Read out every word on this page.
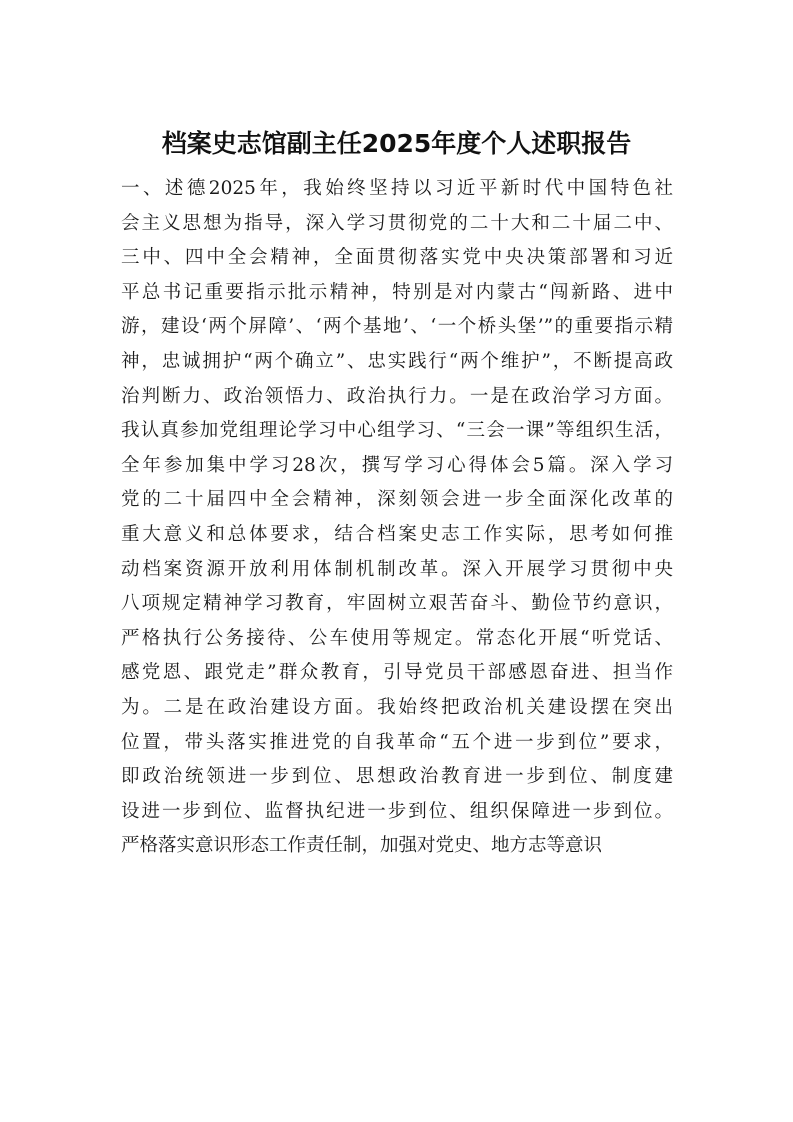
档案史志馆副主任2025年度个人述职报告
一、述德2025年，我始终坚持以习近平新时代中国特色社
会主义思想为指导，深入学习贯彻党的二十大和二十届二中、
三中、四中全会精神，全面贯彻落实党中央决策部署和习近
平总书记重要指示批示精神，特别是对内蒙古“闯新路、进中
游，建设‘两个屏障’、‘两个基地’、‘一个桥头堡’”的重要指示精
神，忠诚拥护“两个确立”、忠实践行“两个维护”，不断提高政
治判断力、政治领悟力、政治执行力。一是在政治学习方面。
我认真参加党组理论学习中心组学习、“三会一课”等组织生活，
全年参加集中学习28次，撰写学习心得体会5篇。深入学习
党的二十届四中全会精神，深刻领会进一步全面深化改革的
重大意义和总体要求，结合档案史志工作实际，思考如何推
动档案资源开放利用体制机制改革。深入开展学习贯彻中央
八项规定精神学习教育，牢固树立艰苦奋斗、勤俭节约意识，
严格执行公务接待、公车使用等规定。常态化开展“听党话、
感党恩、跟党走”群众教育，引导党员干部感恩奋进、担当作
为。二是在政治建设方面。我始终把政治机关建设摆在突出
位置，带头落实推进党的自我革命“五个进一步到位”要求，
即政治统领进一步到位、思想政治教育进一步到位、制度建
设进一步到位、监督执纪进一步到位、组织保障进一步到位。
严格落实意识形态工作责任制，加强对党史、地方志等意识
